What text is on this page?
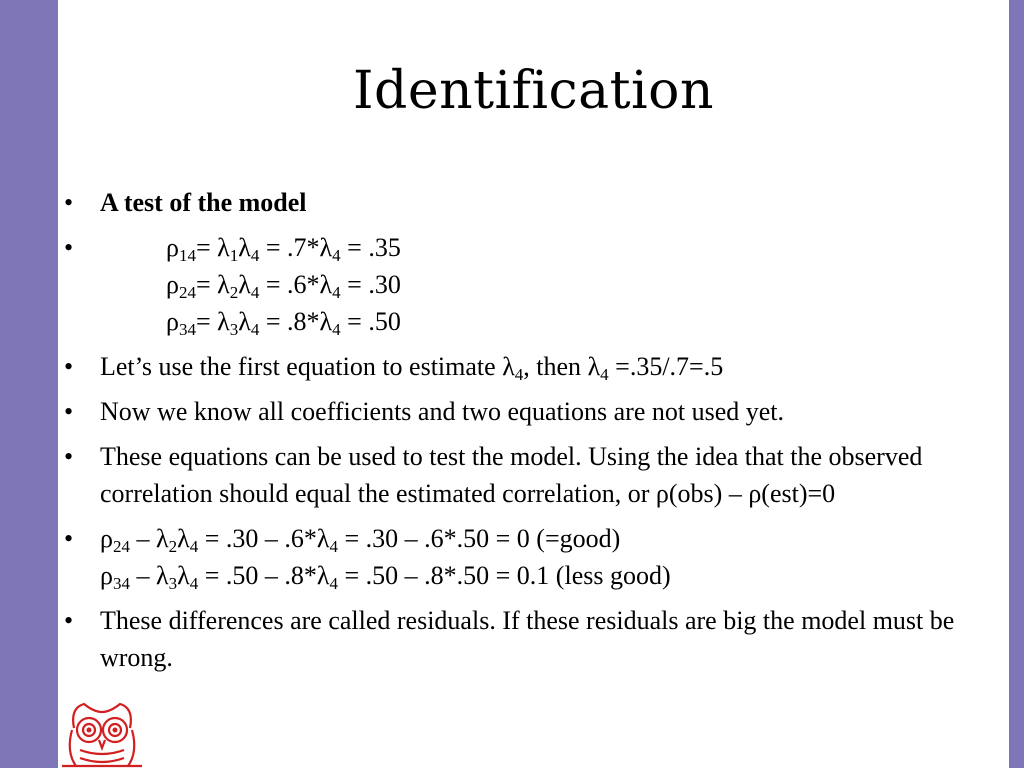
Identification
• A test of the model
•	$\rho_{14}= \lambda_1\lambda_4 = .7*\lambda_4 = .35$
$\rho_{24}= \lambda_2\lambda_4 = .6*\lambda_4 = .30$
$\rho_{34}= \lambda_3\lambda_4 = .8*\lambda_4 = .50$
• Let’s use the first equation to estimate $\lambda_4$, then $\lambda_4 =.35/.7=.5$
• Now we know all coefficients and two equations are not used yet.
• These equations can be used to test the model. Using the idea that the observed correlation should equal the estimated correlation, or ρ(obs) – ρ(est)=0
• $\rho_{24} - \lambda_2\lambda_4 = .30 - .6*\lambda_4 = .30 - .6*.50 = 0$ (=good)
$\rho_{34} - \lambda_3\lambda_4 = .50 - .8*\lambda_4 = .50 - .8*.50 = 0.1$ (less good)
• These differences are called residuals. If these residuals are big the model must be wrong.
